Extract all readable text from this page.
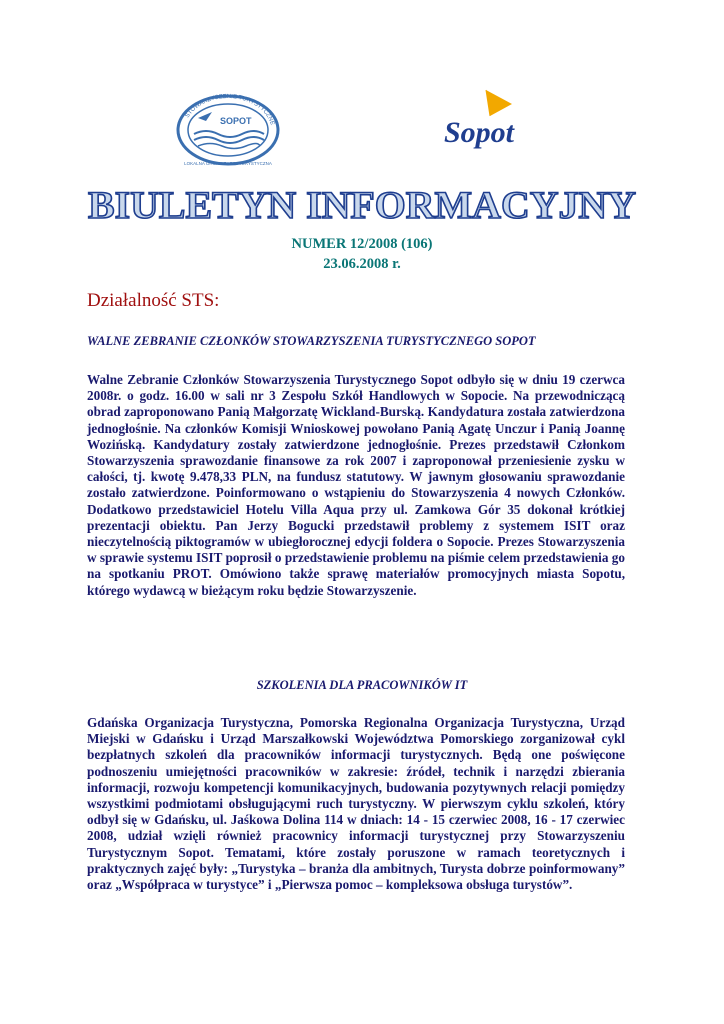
STOWARZYSZENIE TURYSTYCZNE
SOPOT
LOKALNA ORGANIZACJA TURYSTYCZNA
Sopot
BIULETYN INFORMACYJNY
NUMER 12/2008 (106)
23.06.2008 r.
Działalność STS:
WALNE ZEBRANIE CZŁONKÓW STOWARZYSZENIA TURYSTYCZNEGO SOPOT
Walne Zebranie Członków Stowarzyszenia Turystycznego Sopot odbyło się w dniu 19 czerwca 2008r. o godz. 16.00 w sali nr 3 Zespołu Szkół Handlowych w Sopocie. Na przewodniczącą obrad zaproponowano Panią Małgorzatę Wickland-Burską. Kandydatura została zatwierdzona jednogłośnie. Na członków Komisji Wnioskowej powołano Panią Agatę Unczur i Panią Joannę Wozińską. Kandydatury zostały zatwierdzone jednogłośnie. Prezes przedstawił Członkom Stowarzyszenia sprawozdanie finansowe za rok 2007 i zaproponował przeniesienie zysku w całości, tj. kwotę 9.478,33 PLN, na fundusz statutowy. W jawnym głosowaniu sprawozdanie zostało zatwierdzone. Poinformowano o wstąpieniu do Stowarzyszenia 4 nowych Członków. Dodatkowo przedstawiciel Hotelu Villa Aqua przy ul. Zamkowa Gór 35 dokonał krótkiej prezentacji obiektu. Pan Jerzy Bogucki przedstawił problemy z systemem ISIT oraz nieczytelnością piktogramów w ubiegłorocznej edycji foldera o Sopocie. Prezes Stowarzyszenia w sprawie systemu ISIT poprosił o przedstawienie problemu na piśmie celem przedstawienia go na spotkaniu PROT. Omówiono także sprawę materiałów promocyjnych miasta Sopotu, którego wydawcą w bieżącym roku będzie Stowarzyszenie.
SZKOLENIA DLA PRACOWNIKÓW IT
Gdańska Organizacja Turystyczna, Pomorska Regionalna Organizacja Turystyczna, Urząd Miejski w Gdańsku i Urząd Marszałkowski Województwa Pomorskiego zorganizował cykl bezpłatnych szkoleń dla pracowników informacji turystycznych. Będą one poświęcone podnoszeniu umiejętności pracowników w zakresie: źródeł, technik i narzędzi zbierania informacji, rozwoju kompetencji komunikacyjnych, budowania pozytywnych relacji pomiędzy wszystkimi podmiotami obsługującymi ruch turystyczny. W pierwszym cyklu szkoleń, który odbył się w Gdańsku, ul. Jaśkowa Dolina 114 w dniach: 14 - 15 czerwiec 2008, 16 - 17 czerwiec 2008, udział wzięli również pracownicy informacji turystycznej przy Stowarzyszeniu Turystycznym Sopot. Tematami, które zostały poruszone w ramach teoretycznych i praktycznych zajęć były: „Turystyka – branża dla ambitnych, Turysta dobrze poinformowany” oraz „Współpraca w turystyce” i „Pierwsza pomoc – kompleksowa obsługa turystów”.
